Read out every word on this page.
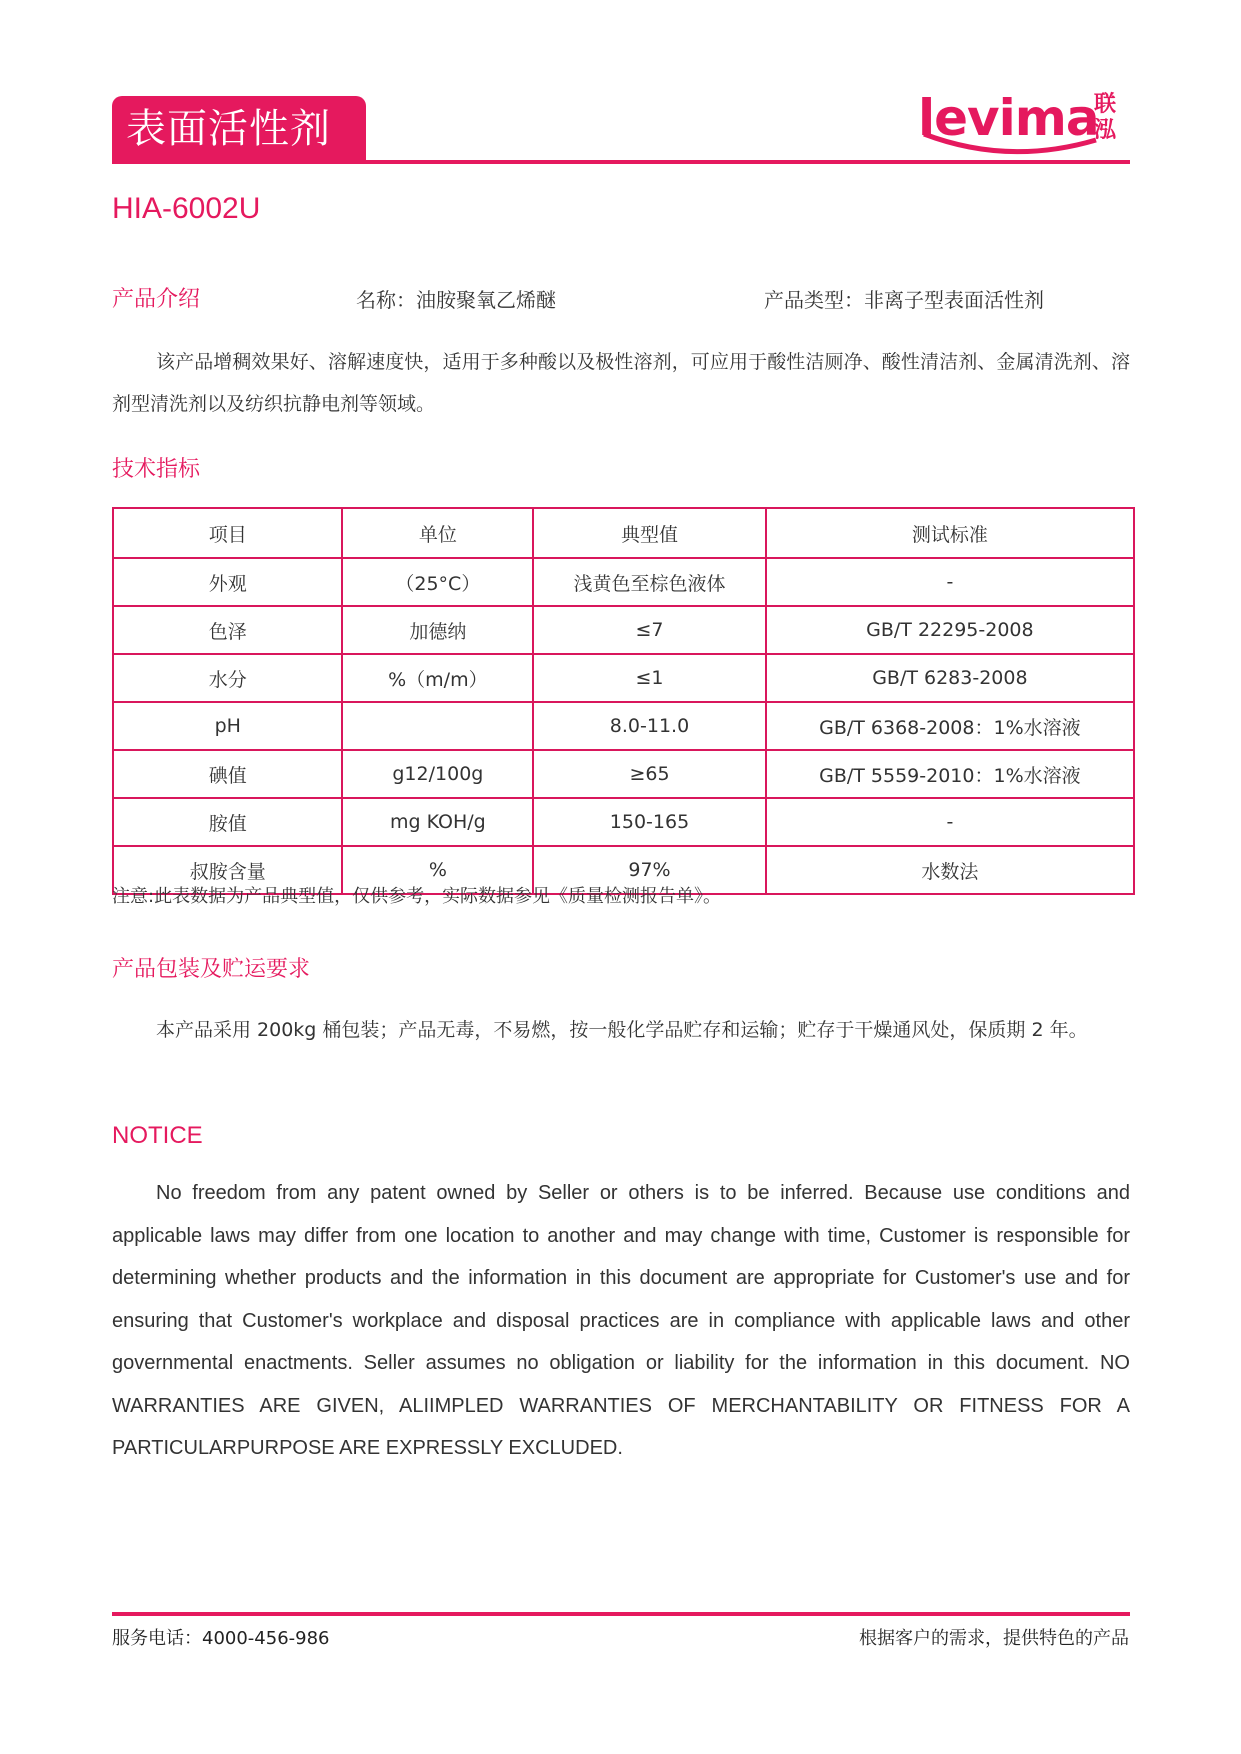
表面活性剂	levima
联泓
HIA-6002U
产品介绍	名称：油胺聚氧乙烯醚	产品类型：非离子型表面活性剂
该产品增稠效果好、溶解速度快，适用于多种酸以及极性溶剂，可应用于酸性洁厕净、酸性清洁剂、金属清洗剂、溶剂型清洗剂以及纺织抗静电剂等领域。
技术指标
项目	单位	典型值	测试标准
外观	（25°C）	浅黄色至棕色液体	-
色泽	加德纳	≤7	GB/T 22295-2008
水分	%（m/m）	≤1	GB/T 6283-2008
pH		8.0-11.0	GB/T 6368-2008：1%水溶液
碘值	g12/100g	≥65	GB/T 5559-2010：1%水溶液
胺值	mg KOH/g	150-165	-
叔胺含量	%	97%	水数法
注意:此表数据为产品典型值，仅供参考，实际数据参见《质量检测报告单》。
产品包装及贮运要求
本产品采用 200kg 桶包装；产品无毒，不易燃，按一般化学品贮存和运输；贮存于干燥通风处，保质期 2 年。
NOTICE
No freedom from any patent owned by Seller or others is to be inferred. Because use conditions and applicable laws may differ from one location to another and may change with time, Customer is responsible for determining whether products and the information in this document are appropriate for Customer's use and for ensuring that Customer's workplace and disposal practices are in compliance with applicable laws and other governmental enactments. Seller assumes no obligation or liability for the information in this document. NO WARRANTIES ARE GIVEN, ALIIMPLED WARRANTIES OF MERCHANTABILITY OR FITNESS FOR A PARTICULARPURPOSE ARE EXPRESSLY EXCLUDED.
服务电话：4000-456-986	根据客户的需求，提供特色的产品
